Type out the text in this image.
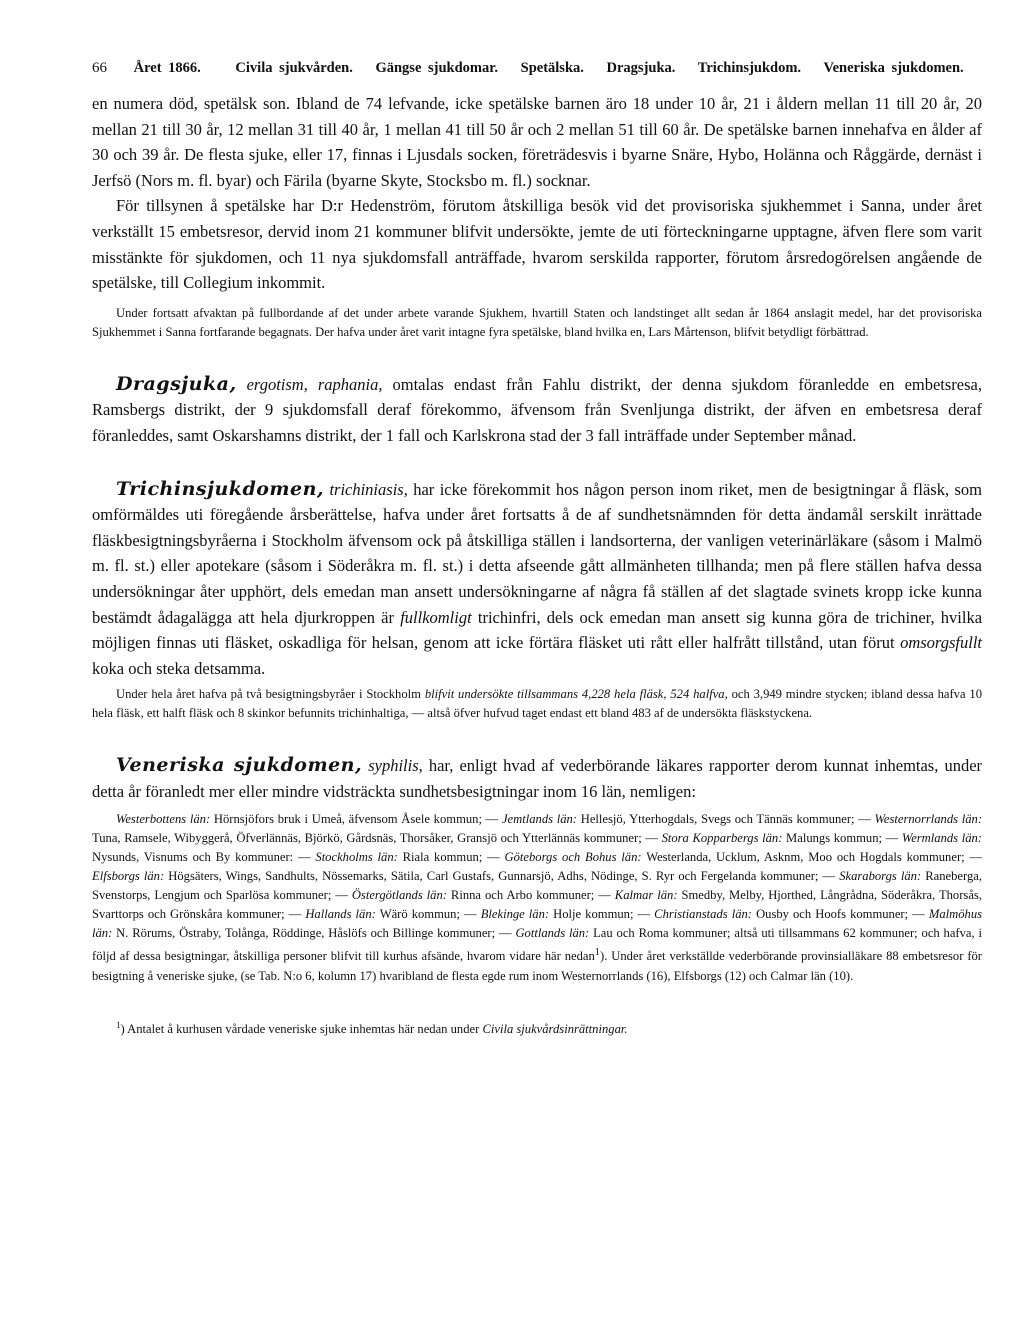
66 Året 1866. Civila sjukvården. Gängse sjukdomar. Spetälska. Dragsjuka. Trichinsjukdom. Veneriska sjukdomen.

en numera död, spetälsk son. Ibland de 74 lefvande, icke spetälske barnen äro 18 under 10 år, 21 i åldern mellan 11 till 20 år, 20 mellan 21 till 30 år, 12 mellan 31 till 40 år, 1 mellan 41 till 50 år och 2 mellan 51 till 60 år. De spetälske barnen innehafva en ålder af 30 och 39 år. De flesta sjuke, eller 17, finnas i Ljusdals socken, företrädesvis i byarne Snäre, Hybo, Holänna och Råggärde, dernäst i Jerfsö (Nors m. fl. byar) och Färila (byarne Skyte, Stocksbo m. fl.) socknar.

För tillsynen å spetälske har D:r Hedenström, förutom åtskilliga besök vid det provisoriska sjukhemmet i Sanna, under året verkställt 15 embetsresor, dervid inom 21 kommuner blifvit undersökte, jemte de uti förteckningarne upptagne, äfven flere som varit misstänkte för sjukdomen, och 11 nya sjukdomsfall anträffade, hvarom serskilda rapporter, förutom årsredogörelsen angående de spetälske, till Collegium inkommit.

Under fortsatt afvaktan på fullbordande af det under arbete varande Sjukhem, hvartill Staten och landstinget allt sedan år 1864 anslagit medel, har det provisoriska Sjukhemmet i Sanna fortfarande begagnats. Der hafva under året varit intagne fyra spetälske, bland hvilka en, Lars Mårtenson, blifvit betydligt förbättrad.

Dragsjuka, ergotism, raphania, omtalas endast från Fahlu distrikt, der denna sjukdom föranledde en embetsresa, Ramsbergs distrikt, der 9 sjukdomsfall deraf förekommo, äfvensom från Svenljunga distrikt, der äfven en embetsresa deraf föranleddes, samt Oskarshamns distrikt, der 1 fall och Karlskrona stad der 3 fall inträffade under September månad.

Trichinsjukdomen, trichiniasis, har icke förekommit hos någon person inom riket, men de besigtningar å fläsk, som omförmäldes uti föregående årsberättelse, hafva under året fortsatts å de af sundhetsnämnden för detta ändamål serskilt inrättade fläskbesigtningsbyråerna i Stockholm äfvensom ock på åtskilliga ställen i landsorterna, der vanligen veterinärläkare (såsom i Malmö m. fl. st.) eller apotekare (såsom i Söderåkra m. fl. st.) i detta afseende gått allmänheten tillhanda; men på flere ställen hafva dessa undersökningar åter upphört, dels emedan man ansett undersökningarne af några få ställen af det slagtade svinets kropp icke kunna bestämdt ådagalägga att hela djurkroppen är fullkomligt trichinfri, dels ock emedan man ansett sig kunna göra de trichiner, hvilka möjligen finnas uti fläsket, oskadliga för helsan, genom att icke förtära fläsket uti rått eller halfrått tillstånd, utan förut omsorgsfullt koka och steka detsamma.

Under hela året hafva på två besigtningsbyråer i Stockholm blifvit undersökte tillsammans 4,228 hela fläsk, 524 halfva, och 3,949 mindre stycken; ibland dessa hafva 10 hela fläsk, ett halft fläsk och 8 skinkor befunnits trichinhaltiga, — altså öfver hufvud taget endast ett bland 483 af de undersökta fläskstyckena.

Veneriska sjukdomen, syphilis, har, enligt hvad af vederbörande läkares rapporter derom kunnat inhemtas, under detta år föranledt mer eller mindre vidsträckta sundhetsbesigtningar inom 16 län, nemligen:

Westerbottens län: Hörnsjöfors bruk i Umeå, äfvensom Åsele kommun; — Jemtlands län: Hellesjö, Ytterhogdals, Svegs och Tännäs kommuner; — Westernorrlands län: Tuna, Ramsele, Wibyggerå, Öfverlännäs, Björkö, Gårdsnäs, Thorsåker, Gransjö och Ytterlännäs kommuner; — Stora Kopparbergs län: Malungs kommun; — Wermlands län: Nysunds, Visnums och By kommuner: — Stockholms län: Riala kommun; — Göteborgs och Bohus län: Westerlanda, Ucklum, Asknm, Moo och Hogdals kommuner; — Elfsborgs län: Högsäters, Wings, Sandhults, Nössemarks, Sätila, Carl Gustafs, Gunnarsjö, Adhs, Nödinge, S. Ryr och Fergelanda kommuner; — Skaraborgs län: Raneberga, Svenstorps, Lengjum och Sparlösa kommuner; — Östergötlands län: Rinna och Arbo kommuner; — Kalmar län: Smedby, Melby, Hjorthed, Långrådna, Söderåkra, Thorsås, Svarttorps och Grönskåra kommuner; — Hallands län: Wärö kommun; — Blekinge län: Holje kommun; — Christianstads län: Ousby och Hoofs kommuner; — Malmöhus län: N. Rörums, Östraby, Tolånga, Röddinge, Håslöfs och Billinge kommuner; — Gottlands län: Lau och Roma kommuner; altså uti tillsammans 62 kommuner; och hafva, i följd af dessa besigtningar, åtskilliga personer blifvit till kurhus afsände, hvarom vidare här nedan$^1$). Under året verkställde vederbörande provinsialläkare 88 embetsresor för besigtning å veneriske sjuke, (se Tab. N:o 6, kolumn 17) hvaribland de flesta egde rum inom Westernorrlands (16), Elfsborgs (12) och Calmar län (10).

$^1$) Antalet å kurhusen vårdade veneriske sjuke inhemtas här nedan under Civila sjukvårdsinrättningar.
